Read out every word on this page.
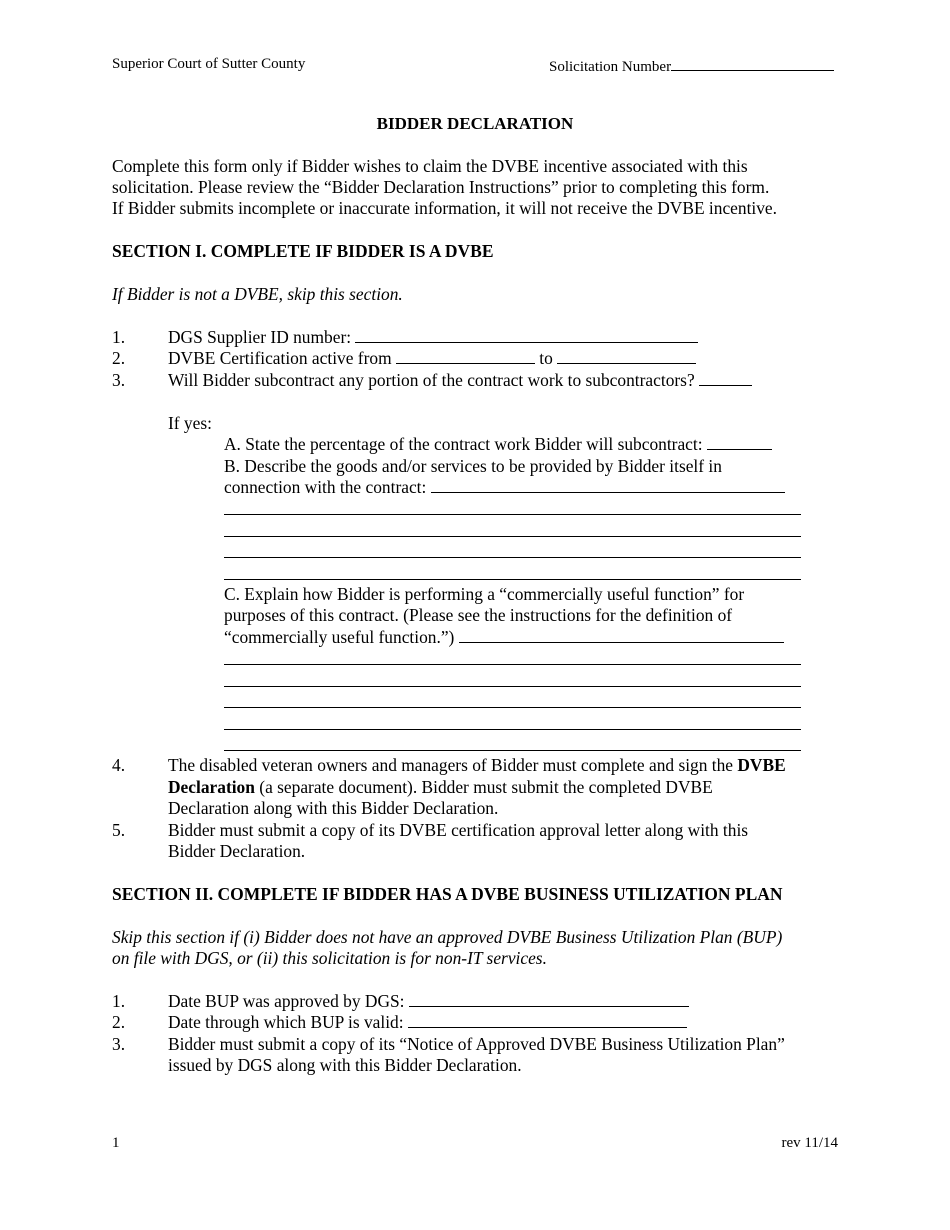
Superior Court of Sutter County	Solicitation Number
BIDDER DECLARATION
Complete this form only if Bidder wishes to claim the DVBE incentive associated with this
solicitation. Please review the “Bidder Declaration Instructions” prior to completing this form.
If Bidder submits incomplete or inaccurate information, it will not receive the DVBE incentive.
SECTION I. COMPLETE IF BIDDER IS A DVBE
If Bidder is not a DVBE, skip this section.
1. DGS Supplier ID number:
2. DVBE Certification active from	to
3. Will Bidder subcontract any portion of the contract work to subcontractors?
If yes:
A. State the percentage of the contract work Bidder will subcontract:
B. Describe the goods and/or services to be provided by Bidder itself in
connection with the contract:
C. Explain how Bidder is performing a “commercially useful function” for
purposes of this contract. (Please see the instructions for the definition of
“commercially useful function.”)
4. The disabled veteran owners and managers of Bidder must complete and sign the DVBE
Declaration (a separate document). Bidder must submit the completed DVBE
Declaration along with this Bidder Declaration.
5. Bidder must submit a copy of its DVBE certification approval letter along with this
Bidder Declaration.
SECTION II. COMPLETE IF BIDDER HAS A DVBE BUSINESS UTILIZATION PLAN
Skip this section if (i) Bidder does not have an approved DVBE Business Utilization Plan (BUP)
on file with DGS, or (ii) this solicitation is for non-IT services.
1. Date BUP was approved by DGS:
2. Date through which BUP is valid:
3. Bidder must submit a copy of its “Notice of Approved DVBE Business Utilization Plan”
issued by DGS along with this Bidder Declaration.
1	rev 11/14
